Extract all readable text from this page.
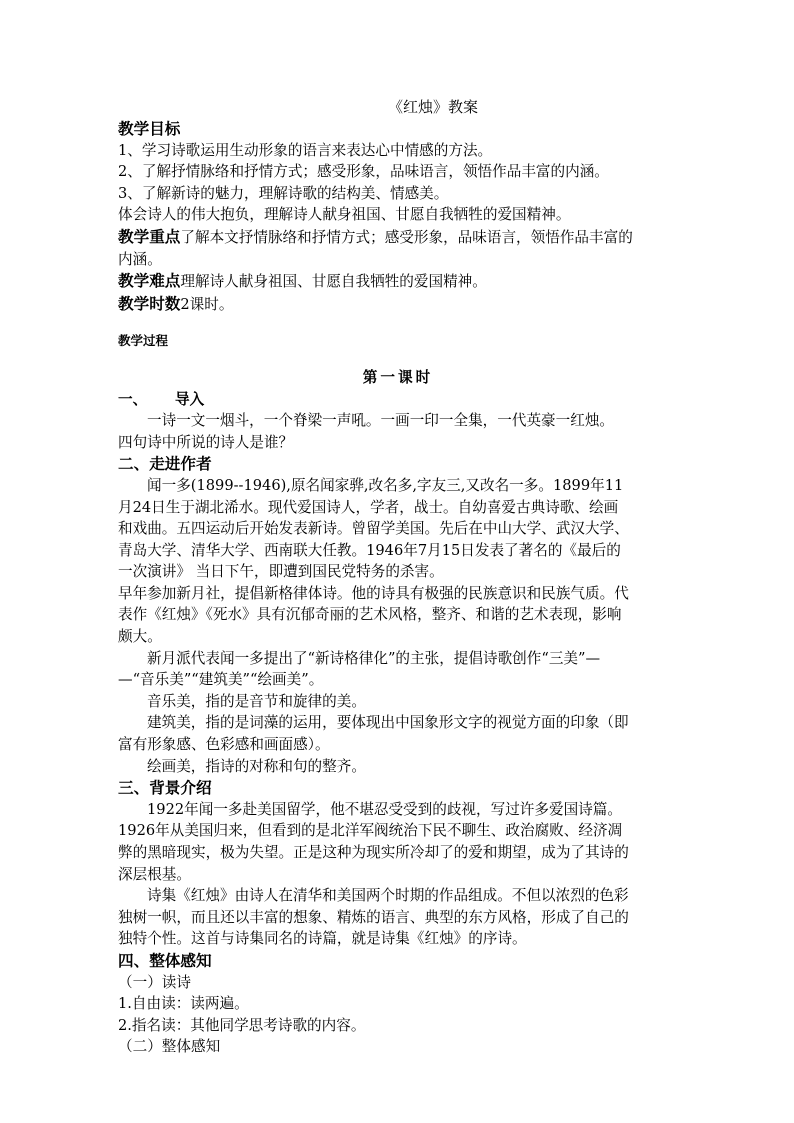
《红烛》教案
教学目标
1、学习诗歌运用生动形象的语言来表达心中情感的方法。
2、了解抒情脉络和抒情方式；感受形象，品味语言，领悟作品丰富的内涵。
3、了解新诗的魅力，理解诗歌的结构美、情感美。
体会诗人的伟大抱负，理解诗人献身祖国、甘愿自我牺牲的爱国精神。
教学重点了解本文抒情脉络和抒情方式；感受形象，品味语言，领悟作品丰富的
内涵。
教学难点理解诗人献身祖国、甘愿自我牺牲的爱国精神。
教学时数2课时。
教学过程
第一课时
一、 导入
一诗一文一烟斗，一个脊梁一声吼。一画一印一全集，一代英豪一红烛。
四句诗中所说的诗人是谁？
二、走进作者
闻一多(1899--1946),原名闻家骅,改名多,字友三,又改名一多。1899年11
月24日生于湖北浠水。现代爱国诗人，学者，战士。自幼喜爱古典诗歌、绘画
和戏曲。五四运动后开始发表新诗。曾留学美国。先后在中山大学、武汉大学、
青岛大学、清华大学、西南联大任教。1946年7月15日发表了著名的《最后的
一次演讲》 当日下午，即遭到国民党特务的杀害。
早年参加新月社，提倡新格律体诗。他的诗具有极强的民族意识和民族气质。代
表作《红烛》《死水》具有沉郁奇丽的艺术风格，整齐、和谐的艺术表现，影响
颇大。
新月派代表闻一多提出了“新诗格律化”的主张，提倡诗歌创作“三美”—
—“音乐美”“建筑美”“绘画美”。
音乐美，指的是音节和旋律的美。
建筑美，指的是词藻的运用，要体现出中国象形文字的视觉方面的印象（即
富有形象感、色彩感和画面感）。
绘画美，指诗的对称和句的整齐。
三、背景介绍
1922年闻一多赴美国留学，他不堪忍受受到的歧视，写过许多爱国诗篇。
1926年从美国归来，但看到的是北洋军阀统治下民不聊生、政治腐败、经济凋
弊的黑暗现实，极为失望。正是这种为现实所冷却了的爱和期望，成为了其诗的
深层根基。
诗集《红烛》由诗人在清华和美国两个时期的作品组成。不但以浓烈的色彩
独树一帜，而且还以丰富的想象、精炼的语言、典型的东方风格，形成了自己的
独特个性。这首与诗集同名的诗篇，就是诗集《红烛》的序诗。
四、整体感知
（一）读诗
1.自由读：读两遍。
2.指名读：其他同学思考诗歌的内容。
（二）整体感知
